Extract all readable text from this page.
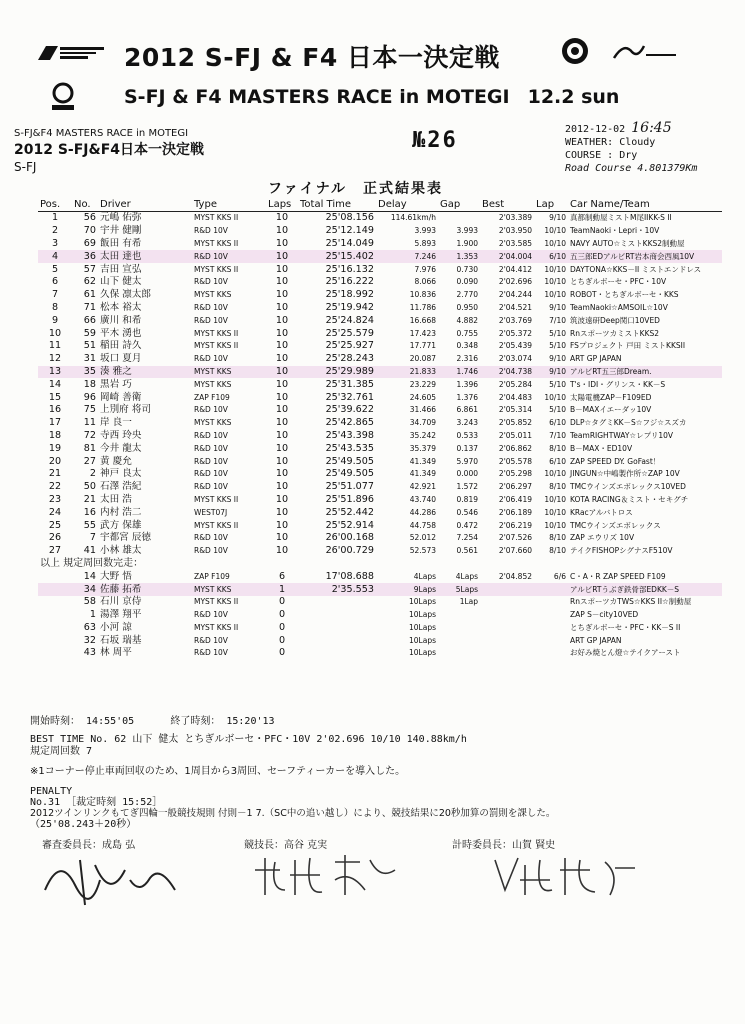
2012 S-FJ & F4 日本一決定戦
S-FJ & F4 MASTERS RACE in MOTEGI 12.2 sun
S-FJ&F4 MASTERS RACE in MOTEGI
2012 S-FJ&F4日本一決定戦
S-FJ
№26	2012-12-02 16:45
WEATHER: Cloudy
COURSE : Dry
Road Course 4.801379Km
ファイナル　正式結果表
Pos.	No.	Driver	Type	Laps	Total Time	Delay	Gap	Best	Lap	Car Name/Team
1	56	元嶋 佑弥	MYST KKS II	10	25'08.156	114.61km/h		2'03.389	9/10	真都制動屋ミストM尾IIKK-S II
2	70	宇井 健剛	R&D 10V	10	25'12.149	3.993	3.993	2'03.950	10/10	TeamNaoki・Lepri・10V
3	69	飯田 有希	MYST KKS II	10	25'14.049	5.893	1.900	2'03.585	10/10	NAVY AUTO☆ミストKKS2制動屋
4	36	太田 達也	R&D 10V	10	25'15.402	7.246	1.353	2'04.004	6/10	五三郎EDアルビRT岩本商会西風10V
5	57	吉田 宣弘	MYST KKS II	10	25'16.132	7.976	0.730	2'04.412	10/10	DAYTONA☆KKS－II ミストエンドレス
6	62	山下 健太	R&D 10V	10	25'16.222	8.066	0.090	2'02.696	10/10	とちぎルボーセ・PFC・10V
7	61	久保 凛太郎	MYST KKS	10	25'18.992	10.836	2.770	2'04.244	10/10	ROBOT・とちぎルボーセ・KKS
8	71	松本 裕太	R&D 10V	10	25'19.942	11.786	0.950	2'04.521	9/10	TeamNaoki☆AMSOIL☆10V
9	66	廣川 和希	R&D 10V	10	25'24.824	16.668	4.882	2'03.769	7/10	筑波遠研Deep関口10VED
10	59	平木 湧也	MYST KKS II	10	25'25.579	17.423	0.755	2'05.372	5/10	RnスポーツカミストKKS2
11	51	稲田 詩久	MYST KKS II	10	25'25.927	17.771	0.348	2'05.439	5/10	FSプロジェクト 戸田 ミストKKSII
12	31	坂口 夏月	R&D 10V	10	25'28.243	20.087	2.316	2'03.074	9/10	ART GP JAPAN
13	35	湊 雅之	MYST KKS	10	25'29.989	21.833	1.746	2'04.738	9/10	アルビRT五三郎Dream.
14	18	黒岩 巧	MYST KKS	10	25'31.385	23.229	1.396	2'05.284	5/10	T's・IDI・グリンス・KK－S
15	96	岡崎 善衛	ZAP F109	10	25'32.761	24.605	1.376	2'04.483	10/10	太陽電機ZAP－F109ED
16	75	上別府 将司	R&D 10V	10	25'39.622	31.466	6.861	2'05.314	5/10	B－MAXイエーダッ10V
17	11	岸 良一	MYST KKS	10	25'42.865	34.709	3.243	2'05.852	6/10	DLP☆タグミKK－S☆フジ☆スズカ
18	72	寺西 玲央	R&D 10V	10	25'43.398	35.242	0.533	2'05.011	7/10	TeamRIGHTWAY☆レプリ10V
19	81	今井 龍太	R&D 10V	10	25'43.535	35.379	0.137	2'06.862	8/10	B－MAX・ED10V
20	27	黄 慶允	R&D 10V	10	25'49.505	41.349	5.970	2'05.578	6/10	ZAP SPEED DY. GoFast！
21	2	神戸 良太	R&D 10V	10	25'49.505	41.349	0.000	2'05.298	10/10	JINGUN☆中嶋製作所☆ZAP 10V
22	50	石澤 浩紀	R&D 10V	10	25'51.077	42.921	1.572	2'06.297	8/10	TMCウインズエボレックス10VED
23	21	太田 浩	MYST KKS II	10	25'51.896	43.740	0.819	2'06.419	10/10	KOTA RACING＆ミスト・セキグチ
24	16	内村 浩二	WEST07J	10	25'52.442	44.286	0.546	2'06.189	10/10	KRacアルバトロス
25	55	武方 保雄	MYST KKS II	10	25'52.914	44.758	0.472	2'06.219	10/10	TMCウインズエボレックス
26	7	宇都宮 辰徳	R&D 10V	10	26'00.168	52.012	7.254	2'07.526	8/10	ZAP エウリズ 10V
27	41	小林 雄太	R&D 10V	10	26'00.729	52.573	0.561	2'07.660	8/10	テイクFISHOPシグナスF510V
以上 規定周回数完走：										
	14	大野 悟	ZAP F109	6	17'08.688	4Laps	4Laps	2'04.852	6/6	C・A・R ZAP SPEED F109
	34	佐藤 拓希	MYST KKS	1	2'35.553	9Laps	5Laps			アルビRTうぶぎ鉄骨部EDKK－S
	58	石川 京侍	MYST KKS II	0		10Laps	1Lap			RnスポーツカTWS☆KKS II☆制動屋
	1	湯澤 翔平	R&D 10V	0		10Laps				ZAP S－city10VED
	63	小河 諒	MYST KKS II	0		10Laps				とちぎルボーセ・PFC・KK－S II
	32	石坂 瑞基	R&D 10V	0		10Laps				ART GP JAPAN
	43	林 周平	R&D 10V	0		10Laps				お好み焼とん燈☆テイクアースト
開始時刻： 14:55'05	終了時刻： 15:20'13
BEST TIME No. 62 山下 健太 とちぎルボーセ・PFC・10V 2'02.696 10/10 140.88km/h
規定周回数 7
※1コーナー停止車両回収のため、1周目から3周回、セーフティーカーを導入した。
PENALTY
No.31 ［裁定時刻 15:52］
2012ツインリンクもてぎ四輪一般競技規則 付則－1 7.（SC中の追い越し）により、競技結果に20秒加算の罰則を課した。
（25'08.243＋20秒）
審査委員長：成島 弘	競技長：高谷 克実	計時委員長：山賀 賢史
